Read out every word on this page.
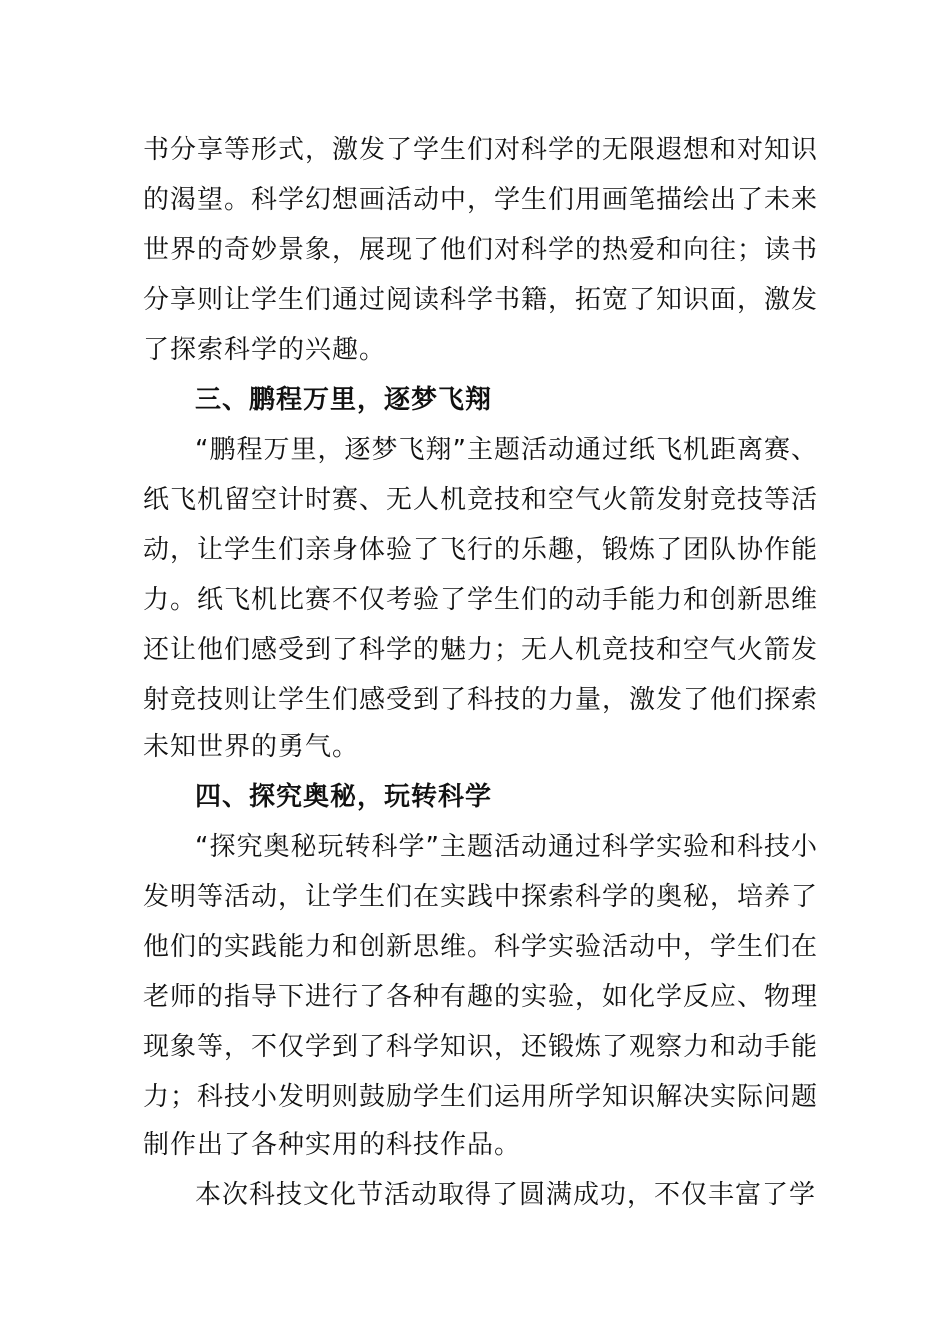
书分享等形式，激发了学生们对科学的无限遐想和对知识
的渴望。科学幻想画活动中，学生们用画笔描绘出了未来
世界的奇妙景象，展现了他们对科学的热爱和向往；读书
分享则让学生们通过阅读科学书籍，拓宽了知识面，激发
了探索科学的兴趣。
三、鹏程万里，逐梦飞翔
“鹏程万里，逐梦飞翔”主题活动通过纸飞机距离赛、
纸飞机留空计时赛、无人机竞技和空气火箭发射竞技等活
动，让学生们亲身体验了飞行的乐趣，锻炼了团队协作能
力。纸飞机比赛不仅考验了学生们的动手能力和创新思维
还让他们感受到了科学的魅力；无人机竞技和空气火箭发
射竞技则让学生们感受到了科技的力量，激发了他们探索
未知世界的勇气。
四、探究奥秘，玩转科学
“探究奥秘玩转科学”主题活动通过科学实验和科技小
发明等活动，让学生们在实践中探索科学的奥秘，培养了
他们的实践能力和创新思维。科学实验活动中，学生们在
老师的指导下进行了各种有趣的实验，如化学反应、物理
现象等，不仅学到了科学知识，还锻炼了观察力和动手能
力；科技小发明则鼓励学生们运用所学知识解决实际问题
制作出了各种实用的科技作品。
本次科技文化节活动取得了圆满成功，不仅丰富了学
